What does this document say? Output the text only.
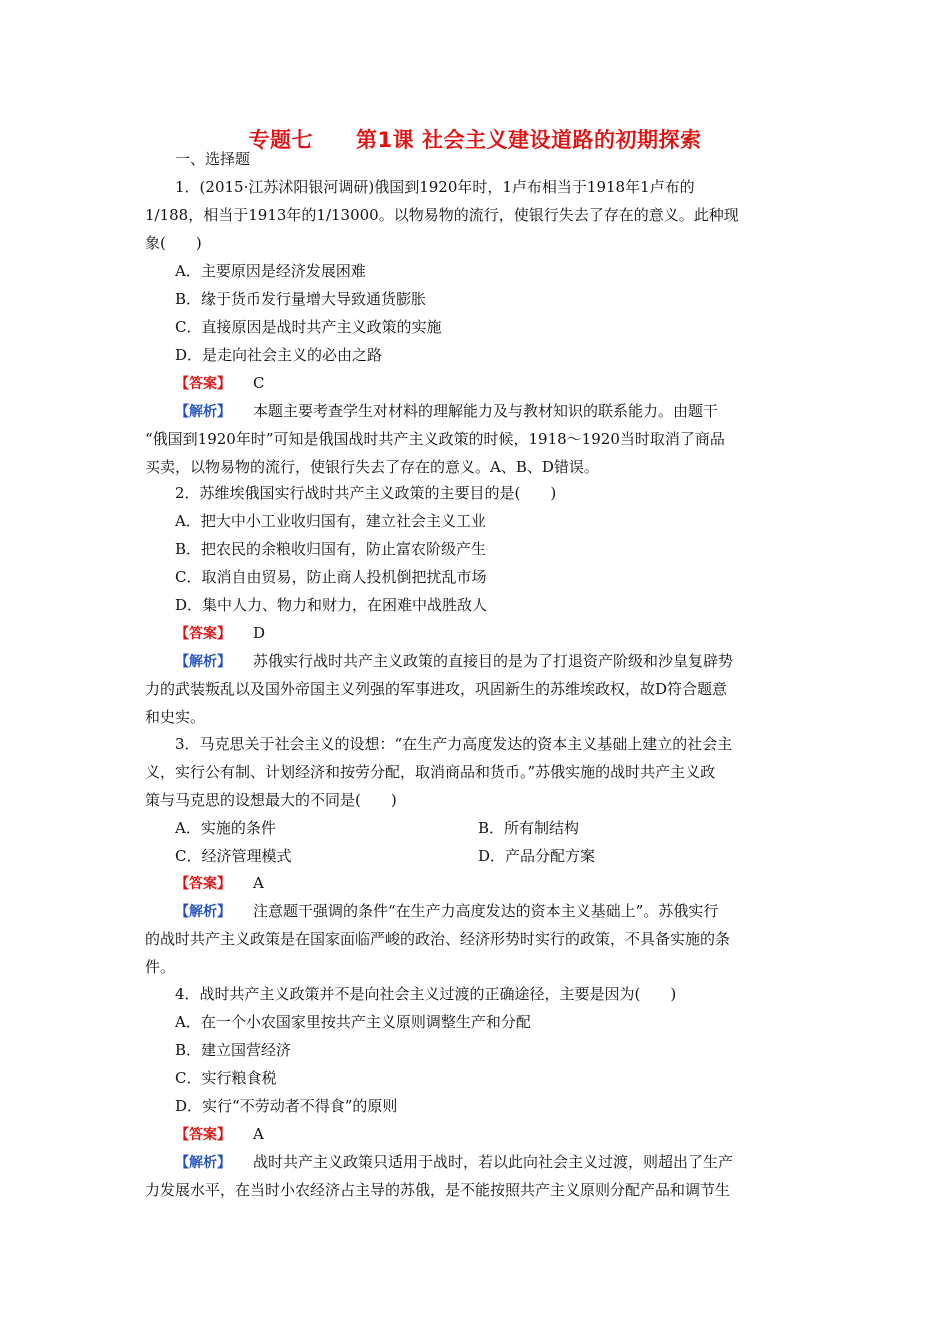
专题七　　第1课 社会主义建设道路的初期探索
一、选择题
1．(2015·江苏沭阳银河调研)俄国到1920年时，1卢布相当于1918年1卢布的
1/188，相当于1913年的1/13000。以物易物的流行，使银行失去了存在的意义。此种现
象(　　)
A．主要原因是经济发展困难
B．缘于货币发行量增大导致通货膨胀
C．直接原因是战时共产主义政策的实施
D．是走向社会主义的必由之路
【答案】 C
【解析】 本题主要考查学生对材料的理解能力及与教材知识的联系能力。由题干
“俄国到1920年时”可知是俄国战时共产主义政策的时候，1918～1920当时取消了商品
买卖，以物易物的流行，使银行失去了存在的意义。A、B、D错误。
2．苏维埃俄国实行战时共产主义政策的主要目的是(　　)
A．把大中小工业收归国有，建立社会主义工业
B．把农民的余粮收归国有，防止富农阶级产生
C．取消自由贸易，防止商人投机倒把扰乱市场
D．集中人力、物力和财力，在困难中战胜敌人
【答案】 D
【解析】 苏俄实行战时共产主义政策的直接目的是为了打退资产阶级和沙皇复辟势
力的武装叛乱以及国外帝国主义列强的军事进攻，巩固新生的苏维埃政权，故D符合题意
和史实。
3．马克思关于社会主义的设想：“在生产力高度发达的资本主义基础上建立的社会主
义，实行公有制、计划经济和按劳分配，取消商品和货币。”苏俄实施的战时共产主义政
策与马克思的设想最大的不同是(　　)
A．实施的条件	B．所有制结构
C．经济管理模式	D．产品分配方案
【答案】 A
【解析】 注意题干强调的条件“在生产力高度发达的资本主义基础上”。苏俄实行
的战时共产主义政策是在国家面临严峻的政治、经济形势时实行的政策，不具备实施的条
件。
4．战时共产主义政策并不是向社会主义过渡的正确途径，主要是因为(　　)
A．在一个小农国家里按共产主义原则调整生产和分配
B．建立国营经济
C．实行粮食税
D．实行“不劳动者不得食”的原则
【答案】 A
【解析】 战时共产主义政策只适用于战时，若以此向社会主义过渡，则超出了生产
力发展水平，在当时小农经济占主导的苏俄，是不能按照共产主义原则分配产品和调节生
